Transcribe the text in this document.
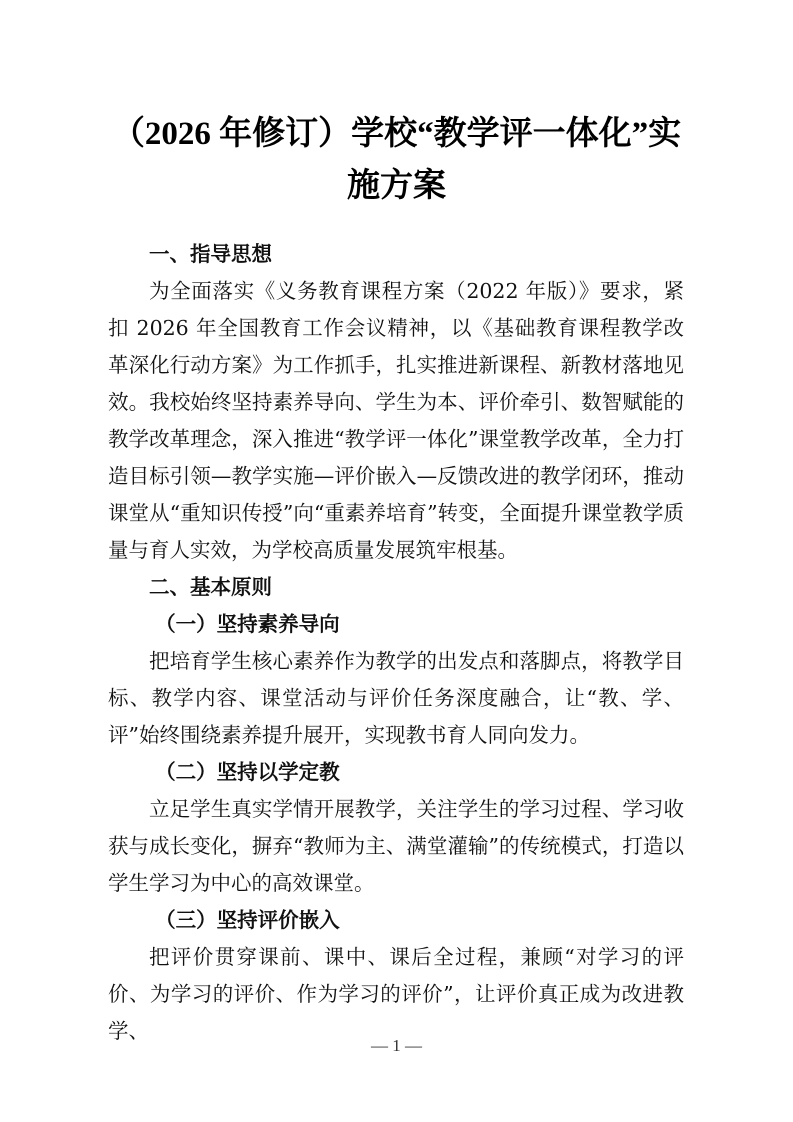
（2026 年修订）学校“教学评一体化”实
施方案

一、指导思想

为全面落实《义务教育课程方案（2022 年版）》要求，紧扣 2026 年全国教育工作会议精神，以《基础教育课程教学改革深化行动方案》为工作抓手，扎实推进新课程、新教材落地见效。我校始终坚持素养导向、学生为本、评价牵引、数智赋能的教学改革理念，深入推进“教学评一体化”课堂教学改革，全力打造目标引领—教学实施—评价嵌入—反馈改进的教学闭环，推动课堂从“重知识传授”向“重素养培育”转变，全面提升课堂教学质量与育人实效，为学校高质量发展筑牢根基。

二、基本原则

（一）坚持素养导向

把培育学生核心素养作为教学的出发点和落脚点，将教学目标、教学内容、课堂活动与评价任务深度融合，让“教、学、评”始终围绕素养提升展开，实现教书育人同向发力。

（二）坚持以学定教

立足学生真实学情开展教学，关注学生的学习过程、学习收获与成长变化，摒弃“教师为主、满堂灌输”的传统模式，打造以学生学习为中心的高效课堂。

（三）坚持评价嵌入

把评价贯穿课前、课中、课后全过程，兼顾“对学习的评价、为学习的评价、作为学习的评价”，让评价真正成为改进教学、

— 1 —
